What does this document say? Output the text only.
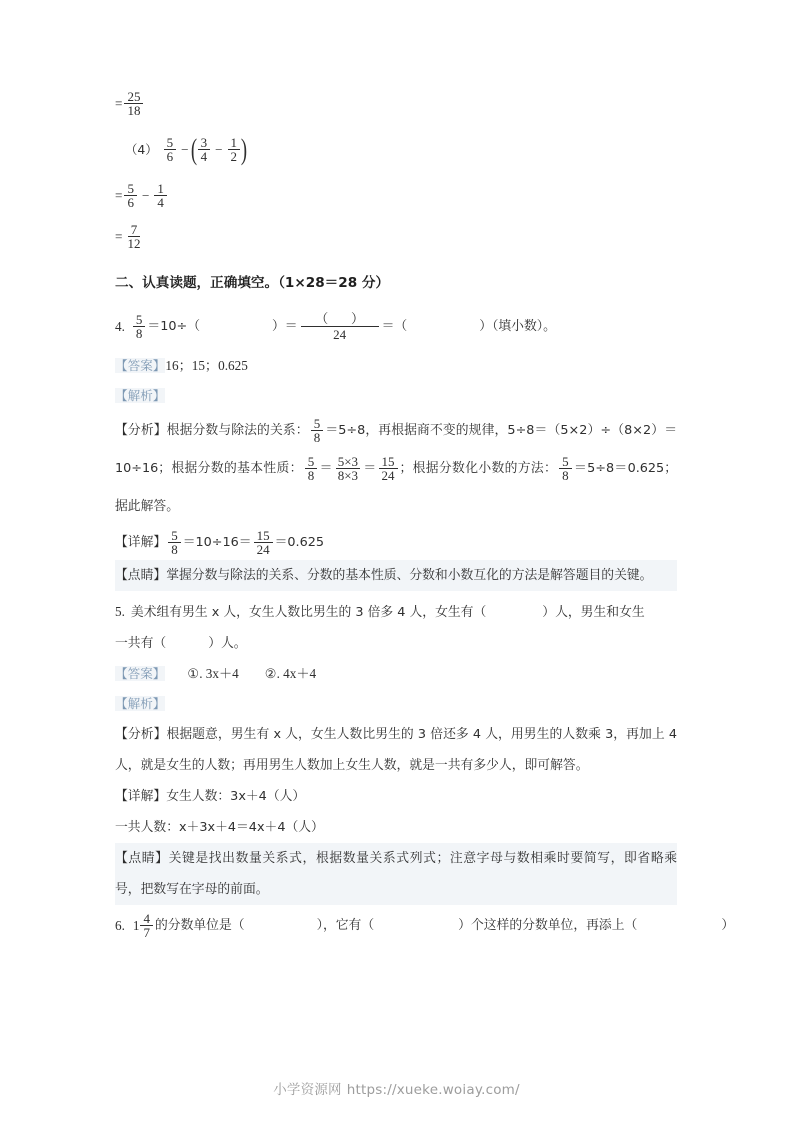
= $\frac{25}{18}$
$(4) \frac{5}{6}$ − ( $\frac{3}{4} - \frac{1}{2}$ )
= $\frac{5}{6} - \frac{1}{4}$
= $\frac{7}{12}$
二、认真读题，正确填空。（1×28＝28 分）
4. $\frac{5}{8} =10\div$（	）＝ $\frac{( )}{24}$ ＝（	）（填小数）。
【答案】16；15；0.625
【解析】
【分析】根据分数与除法的关系： $\frac{5}{8} =5\div 8$，再根据商不变的规律，5÷8＝（5×2）÷（8×2）＝10÷16；根据分数的基本性质： $\frac{5}{8} = \frac{5\times 3}{8\times 3} = \frac{15}{24}$ ；根据分数化小数的方法： $\frac{5}{8} =5\div 8=0.625$；据此解答。
【详解】 $\frac{5}{8} =10\div 16= \frac{15}{24} =0.625$
【点睛】掌握分数与除法的关系、分数的基本性质、分数和小数互化的方法是解答题目的关键。
5. 美术组有男生 x 人，女生人数比男生的 3 倍多 4 人，女生有（	）人，男生和女生
一共有（	）人。
【答案】 ①. 3x＋4 ②. 4x＋4
【解析】
【分析】根据题意，男生有 x 人，女生人数比男生的 3 倍还多 4 人，用男生的人数乘 3，再加上 4 人，就是女生的人数；再用男生人数加上女生人数，就是一共有多少人，即可解答。
【详解】女生人数：3x＋4（人）
一共人数：x＋3x＋4＝4x＋4（人）
【点睛】关键是找出数量关系式，根据数量关系式列式；注意字母与数相乘时要简写，即省略乘号，把数写在字母的前面。
6. $1 \frac{4}{7}$ 的分数单位是（	），它有（	）个这样的分数单位，再添上（	）
小学资源网 https://xueke.woiay.com/
